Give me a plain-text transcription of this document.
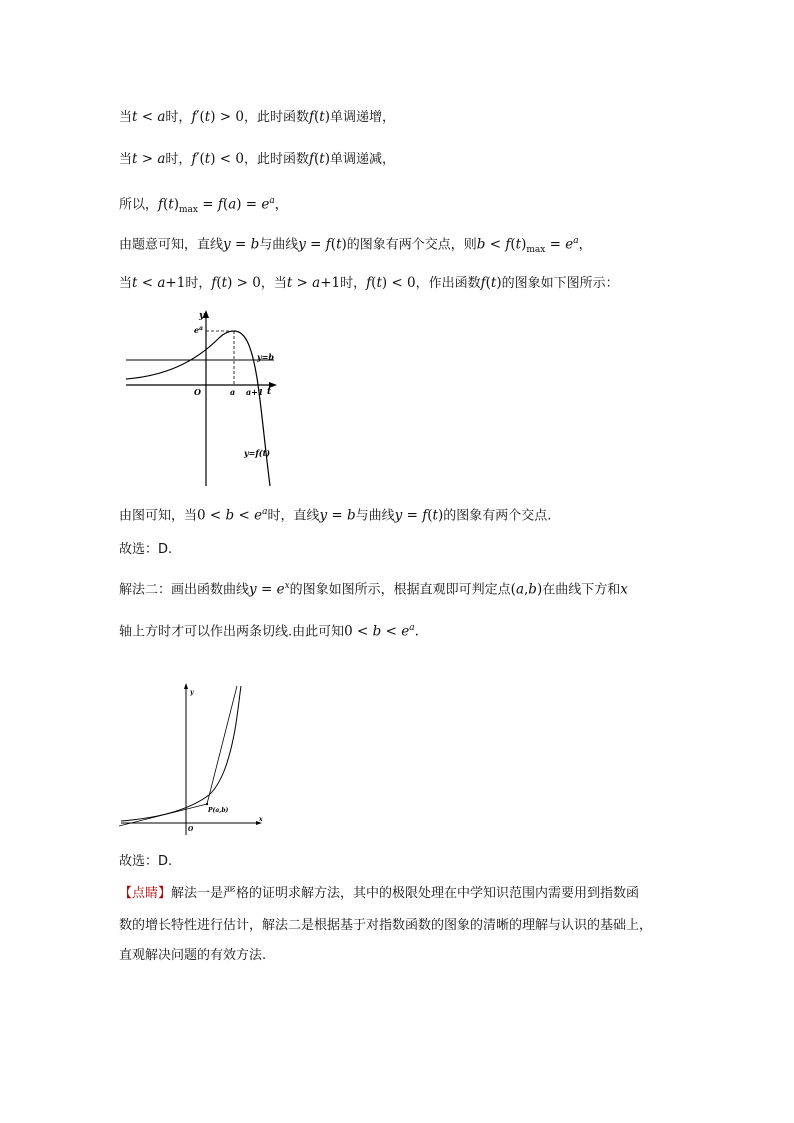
当t < a时，f′(t) > 0，此时函数f(t)单调递增，
当t > a时，f′(t) < 0，此时函数f(t)单调递减，
所以，$f(t)_{max} = f(a) = e^a$，
由题意可知，直线y = b与曲线y = f(t)的图象有两个交点，则$b < f(t)_{max} = e^a$，
当t < a+1时，f(t) > 0，当t > a+1时，f(t) < 0，作出函数f(t)的图象如下图所示：
y
$e^a$
y=b
O	a a+1 t
y=f(t)
由图可知，当$0 < b < e^a$时，直线y = b与曲线y = f(t)的图象有两个交点.
故选：D.
解法二：画出函数曲线$y = e^x$的图象如图所示，根据直观即可判定点(a,b)在曲线下方和x
轴上方时才可以作出两条切线.由此可知$0 < b < e^a$.
y
x
O
P(a,b)
故选：D.
【点睛】解法一是严格的证明求解方法，其中的极限处理在中学知识范围内需要用到指数函
数的增长特性进行估计，解法二是根据基于对指数函数的图象的清晰的理解与认识的基础上，
直观解决问题的有效方法.
